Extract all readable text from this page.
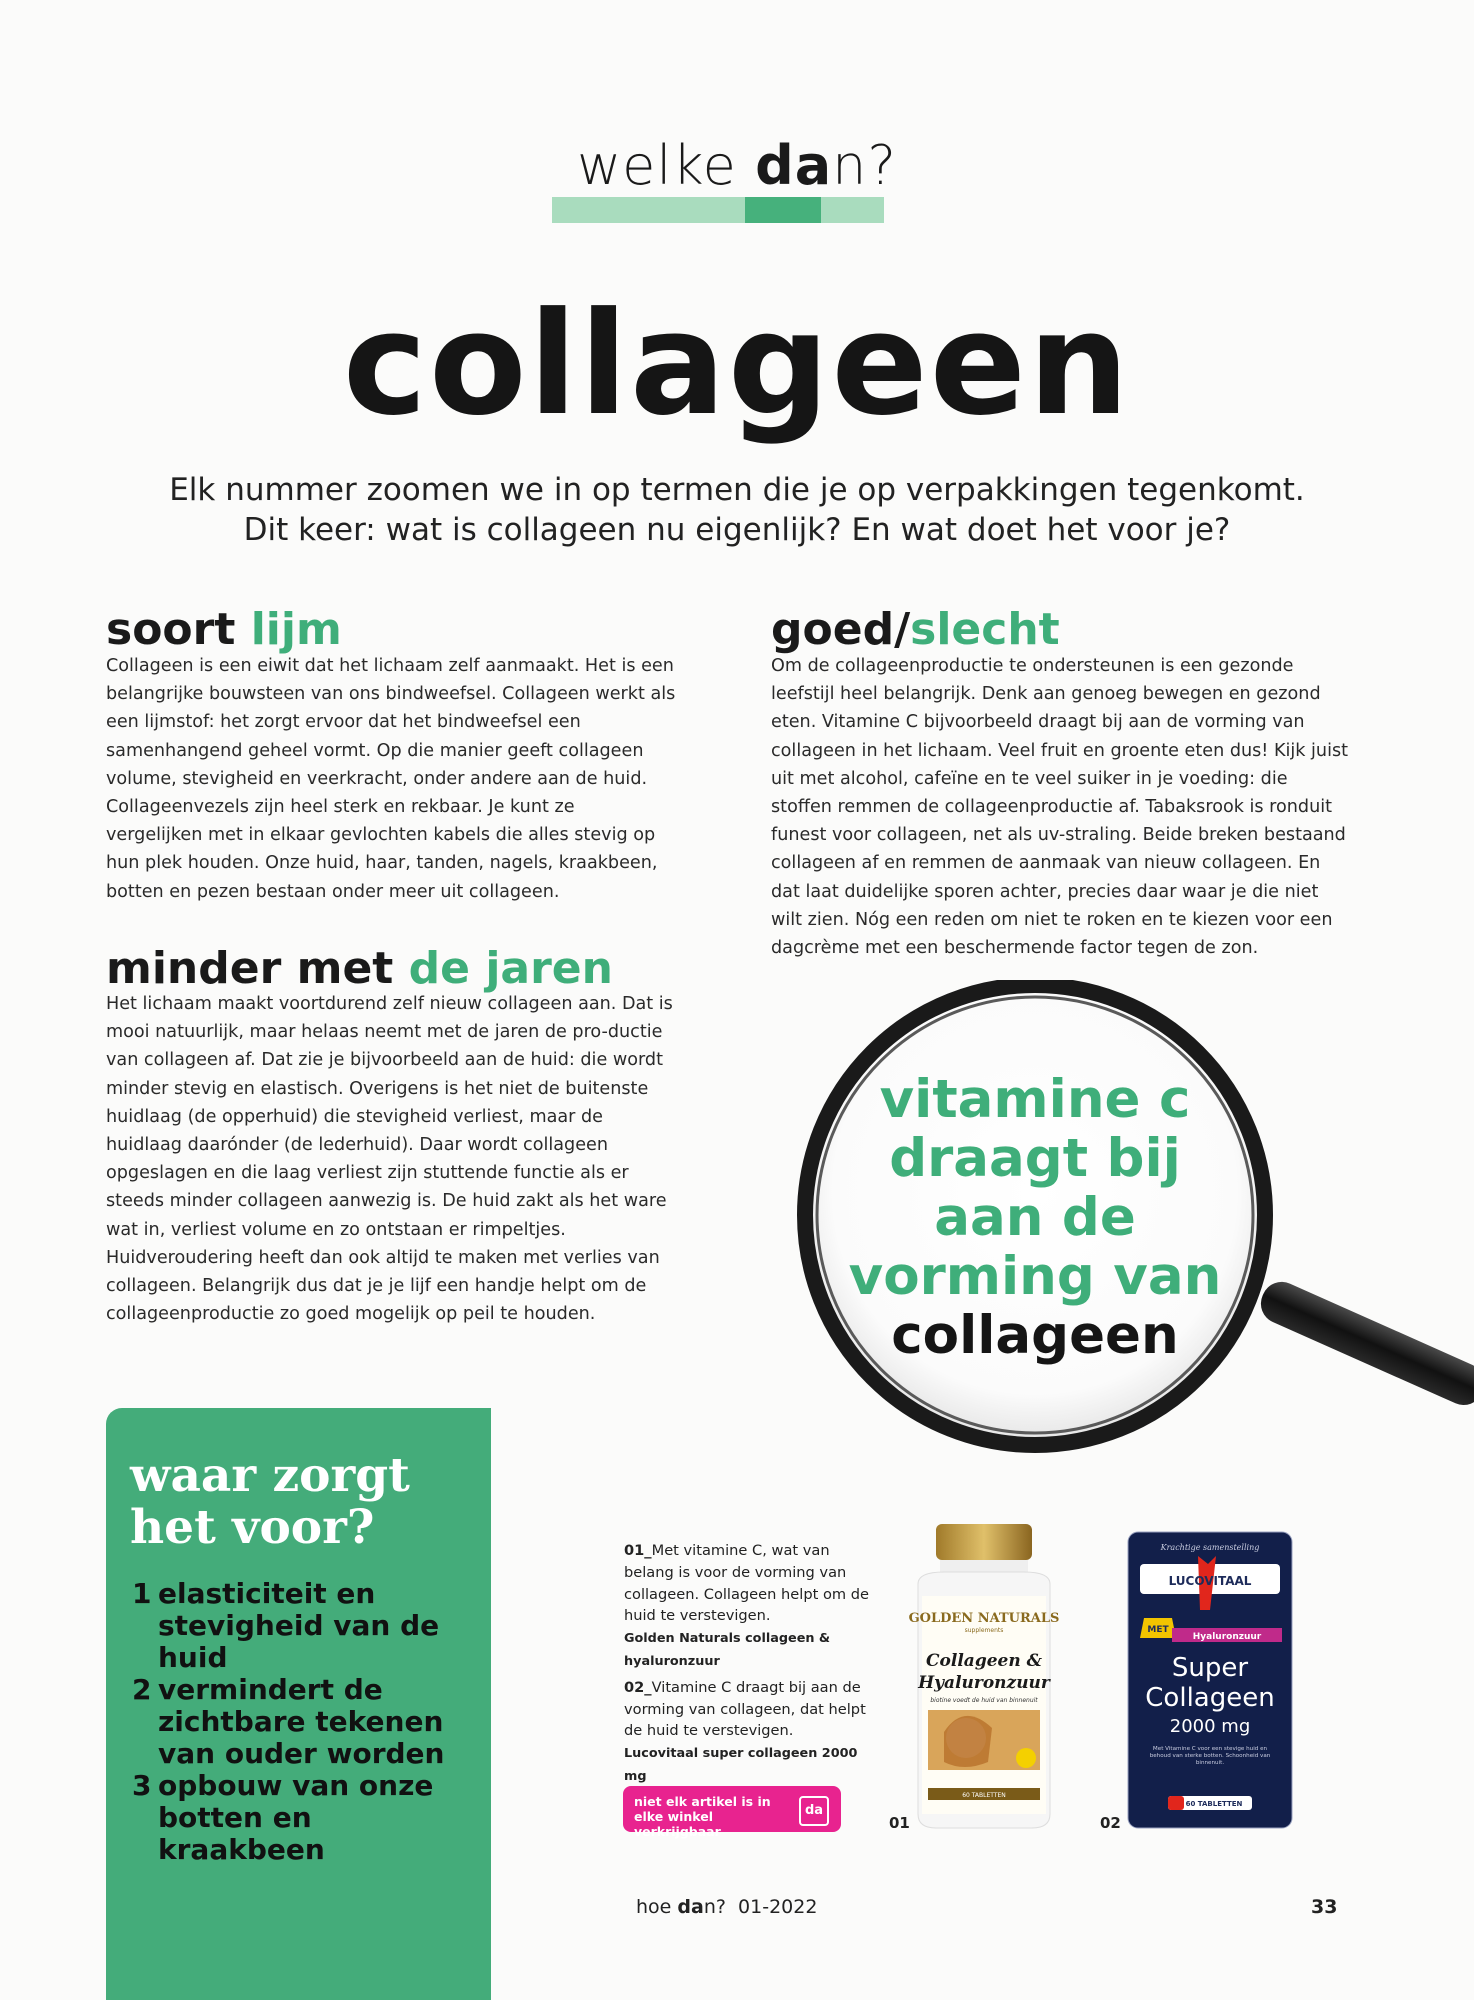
welke dan?
collageen
Elk nummer zoomen we in op termen die je op verpakkingen tegenkomt.
Dit keer: wat is collageen nu eigenlijk? En wat doet het voor je?
soort lijm
Collageen is een eiwit dat het lichaam zelf aanmaakt. Het is een belangrijke bouwsteen van ons bindweefsel. Collageen werkt als een lijmstof: het zorgt ervoor dat het bindweefsel een samenhangend geheel vormt. Op die manier geeft collageen volume, stevigheid en veerkracht, onder andere aan de huid. Collageenvezels zijn heel sterk en rekbaar. Je kunt ze vergelijken met in elkaar gevlochten kabels die alles stevig op hun plek houden. Onze huid, haar, tanden, nagels, kraakbeen, botten en pezen bestaan onder meer uit collageen.
minder met de jaren
Het lichaam maakt voortdurend zelf nieuw collageen aan. Dat is mooi natuurlijk, maar helaas neemt met de jaren de pro-ductie van collageen af. Dat zie je bijvoorbeeld aan de huid: die wordt minder stevig en elastisch. Overigens is het niet de buitenste huidlaag (de opperhuid) die stevigheid verliest, maar de huidlaag daarónder (de lederhuid). Daar wordt collageen opgeslagen en die laag verliest zijn stuttende functie als er steeds minder collageen aanwezig is. De huid zakt als het ware wat in, verliest volume en zo ontstaan er rimpeltjes. Huidveroudering heeft dan ook altijd te maken met verlies van collageen. Belangrijk dus dat je je lijf een handje helpt om de collageenproductie zo goed mogelijk op peil te houden.
goed/slecht
Om de collageenproductie te ondersteunen is een gezonde leefstijl heel belangrijk. Denk aan genoeg bewegen en gezond eten. Vitamine C bijvoorbeeld draagt bij aan de vorming van collageen in het lichaam. Veel fruit en groente eten dus! Kijk juist uit met alcohol, cafeïne en te veel suiker in je voeding: die stoffen remmen de collageenproductie af. Tabaksrook is ronduit funest voor collageen, net als uv-straling. Beide breken bestaand collageen af en remmen de aanmaak van nieuw collageen. En dat laat duidelijke sporen achter, precies daar waar je die niet wilt zien. Nóg een reden om niet te roken en te kiezen voor een dagcrème met een beschermende factor tegen de zon.
vitamine c
draagt bij
aan de
vorming van
collageen
waar zorgt
het voor?
1 elasticiteit en stevigheid van de huid
2 vermindert de zichtbare tekenen van ouder worden
3 opbouw van onze botten en kraakbeen

01_Met vitamine C, wat van belang is voor de vorming van collageen. Collageen helpt om de huid te verstevigen.
Golden Naturals collageen & hyaluronzuur

02_Vitamine C draagt bij aan de vorming van collageen, dat helpt de huid te verstevigen.
Lucovitaal super collageen 2000 mg

niet elk artikel is in elke winkel verkrijgbaar
da
GOLDEN NATURALS
supplements
Collageen &
Hyaluronzuur
biotine voedt de huid van binnenuit
60 TABLETTEN
01
Krachtige samenstelling
LUCOVITAAL
MET
Hyaluronzuur
Super
Collageen
2000 mg
Met Vitamine C voor een stevige huid en behoud van sterke botten. Schoonheid van binnenuit.
60 TABLETTEN
02
hoe dan?  01-2022	33
